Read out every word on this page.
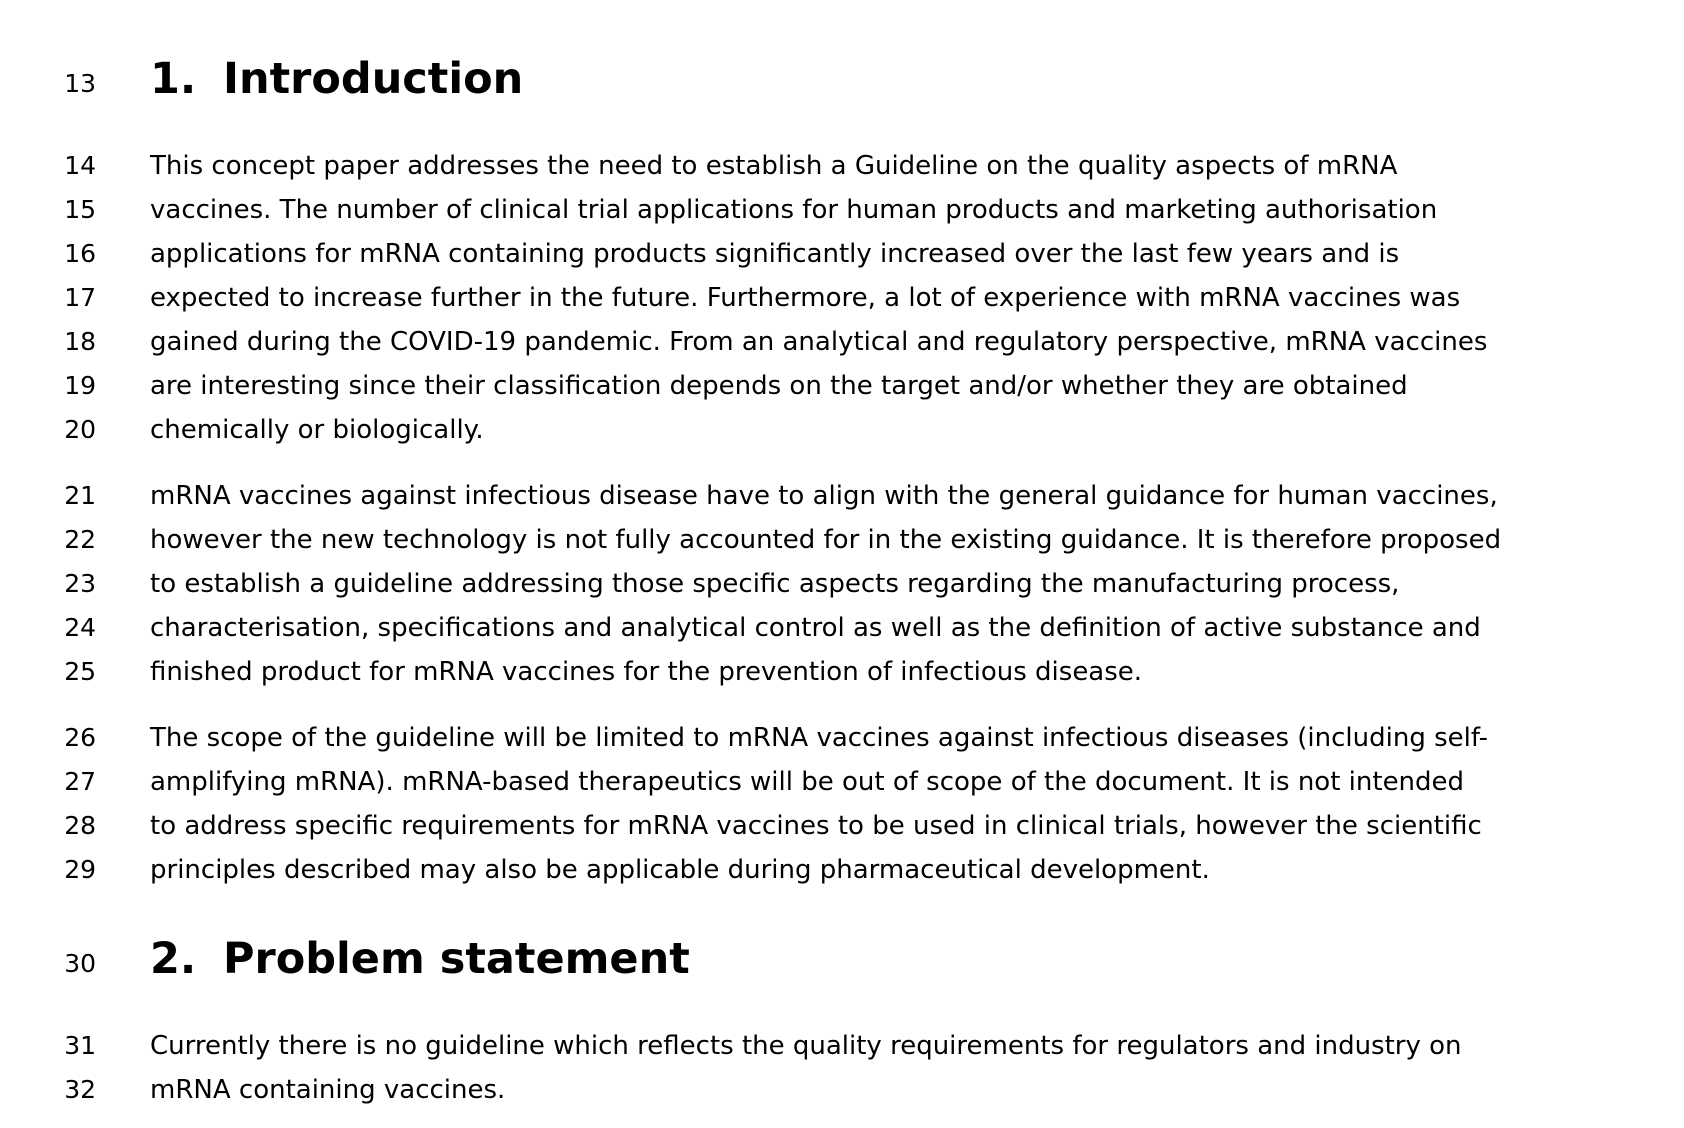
13 1. Introduction
14 This concept paper addresses the need to establish a Guideline on the quality aspects of mRNA
15 vaccines. The number of clinical trial applications for human products and marketing authorisation
16 applications for mRNA containing products significantly increased over the last few years and is
17 expected to increase further in the future. Furthermore, a lot of experience with mRNA vaccines was
18 gained during the COVID-19 pandemic. From an analytical and regulatory perspective, mRNA vaccines
19 are interesting since their classification depends on the target and/or whether they are obtained
20 chemically or biologically.
21 mRNA vaccines against infectious disease have to align with the general guidance for human vaccines,
22 however the new technology is not fully accounted for in the existing guidance. It is therefore proposed
23 to establish a guideline addressing those specific aspects regarding the manufacturing process,
24 characterisation, specifications and analytical control as well as the definition of active substance and
25 finished product for mRNA vaccines for the prevention of infectious disease.
26 The scope of the guideline will be limited to mRNA vaccines against infectious diseases (including self-
27 amplifying mRNA). mRNA-based therapeutics will be out of scope of the document. It is not intended
28 to address specific requirements for mRNA vaccines to be used in clinical trials, however the scientific
29 principles described may also be applicable during pharmaceutical development.
30 2. Problem statement
31 Currently there is no guideline which reflects the quality requirements for regulators and industry on
32 mRNA containing vaccines.
